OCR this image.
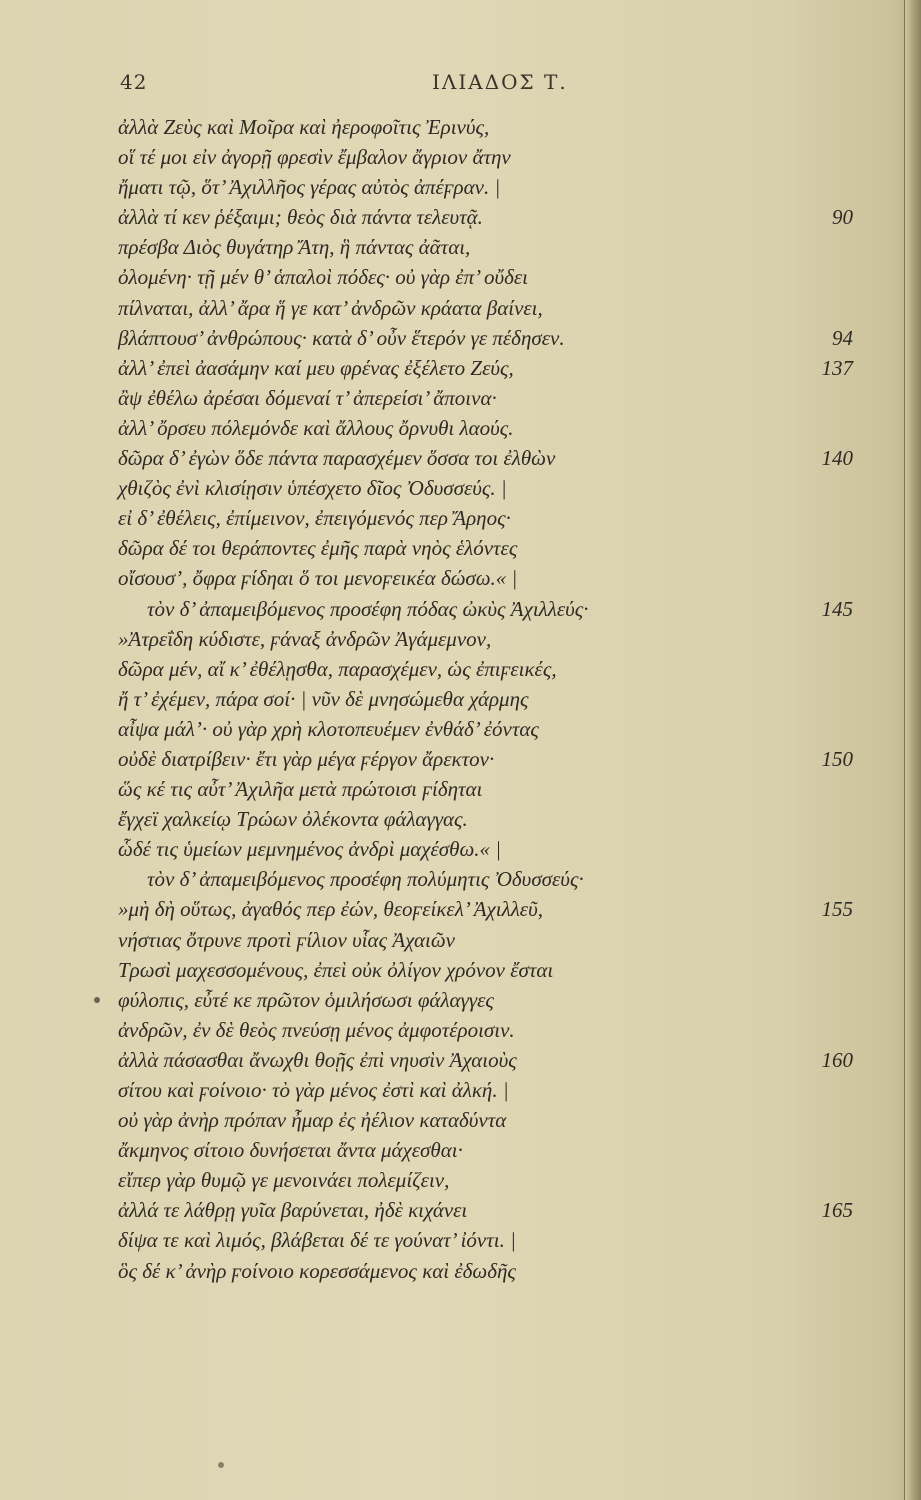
42	ΙΛΙΑΔΟΣ Τ.
ἀλλὰ Ζεὺς καὶ Μοῖρα καὶ ἠεροφοῖτις Ἐρινύς,
οἵ τέ μοι εἰν ἀγορῇ φρεσὶν ἔμβαλον ἄγριον ἄτην
ἤματι τῷ, ὅτ’ Ἀχιλλῆος γέρας αὐτὸς ἀπέϝραν. |
ἀλλὰ τί κεν ῥέξαιμι; θεὸς διὰ πάντα τελευτᾷ.	90
πρέσβα Διὸς θυγάτηρ Ἄτη, ἣ πάντας ἀᾶται,
ὀλομένη· τῇ μέν θ’ ἁπαλοὶ πόδες· οὐ γὰρ ἐπ’ οὔδει
πίλναται, ἀλλ’ ἄρα ἥ γε κατ’ ἀνδρῶν κράατα βαίνει,
βλάπτουσ’ ἀνθρώπους· κατὰ δ’ οὖν ἕτερόν γε πέδησεν.	94
ἀλλ’ ἐπεὶ ἀασάμην καί μευ φρένας ἐξέλετο Ζεύς,	137
ἂψ ἐθέλω ἀρέσαι δόμεναί τ’ ἀπερείσι’ ἄποινα·
ἀλλ’ ὄρσευ πόλεμόνδε καὶ ἄλλους ὄρνυθι λαούς.
δῶρα δ’ ἐγὼν ὅδε πάντα παρασχέμεν ὅσσα τοι ἐλθὼν	140
χθιζὸς ἐνὶ κλισίῃσιν ὑπέσχετο δῖος Ὀδυσσεύς. |
εἰ δ’ ἐθέλεις, ἐπίμεινον, ἐπειγόμενός περ Ἄρηος·
δῶρα δέ τοι θεράποντες ἐμῆς παρὰ νηὸς ἑλόντες
οἴσουσ’, ὄφρα ϝίδηαι ὅ τοι μενοϝεικέα δώσω.« |
τὸν δ’ ἀπαμειβόμενος προσέφη πόδας ὠκὺς Ἀχιλλεύς·	145
»Ἀτρεΐδη κύδιστε, ϝάναξ ἀνδρῶν Ἀγάμεμνον,
δῶρα μέν, αἴ κ’ ἐθέλῃσθα, παρασχέμεν, ὡς ἐπιϝεικές,
ἤ τ’ ἐχέμεν, πάρα σοί· | νῦν δὲ μνησώμεθα χάρμης
αἶψα μάλ’· οὐ γὰρ χρὴ κλοτοπευέμεν ἐνθάδ’ ἐόντας
οὐδὲ διατρίβειν· ἔτι γὰρ μέγα ϝέργον ἄρεκτον·	150
ὥς κέ τις αὖτ’ Ἀχιλῆα μετὰ πρώτοισι ϝίδηται
ἔγχεϊ χαλκείῳ Τρώων ὀλέκοντα φάλαγγας.
ὧδέ τις ὑμείων μεμνημένος ἀνδρὶ μαχέσθω.« |
τὸν δ’ ἀπαμειβόμενος προσέφη πολύμητις Ὀδυσσεύς·
»μὴ δὴ οὕτως, ἀγαθός περ ἐών, θεοϝείκελ’ Ἀχιλλεῦ,	155
νήστιας ὄτρυνε προτὶ ϝίλιον υἷας Ἀχαιῶν
Τρωσὶ μαχεσσομένους, ἐπεὶ οὐκ ὀλίγον χρόνον ἔσται
φύλοπις, εὖτέ κε πρῶτον ὁμιλήσωσι φάλαγγες
ἀνδρῶν, ἐν δὲ θεὸς πνεύσῃ μένος ἀμφοτέροισιν.
ἀλλὰ πάσασθαι ἄνωχθι θοῇς ἐπὶ νηυσὶν Ἀχαιοὺς	160
σίτου καὶ ϝοίνοιο· τὸ γὰρ μένος ἐστὶ καὶ ἀλκή. |
οὐ γὰρ ἀνὴρ πρόπαν ἦμαρ ἐς ἠέλιον καταδύντα
ἄκμηνος σίτοιο δυνήσεται ἄντα μάχεσθαι·
εἴπερ γὰρ θυμῷ γε μενοινάει πολεμίζειν,
ἀλλά τε λάθρῃ γυῖα βαρύνεται, ἠδὲ κιχάνει	165
δίψα τε καὶ λιμός, βλάβεται δέ τε γούνατ’ ἰόντι. |
ὃς δέ κ’ ἀνὴρ ϝοίνοιο κορεσσάμενος καὶ ἐδωδῆς
